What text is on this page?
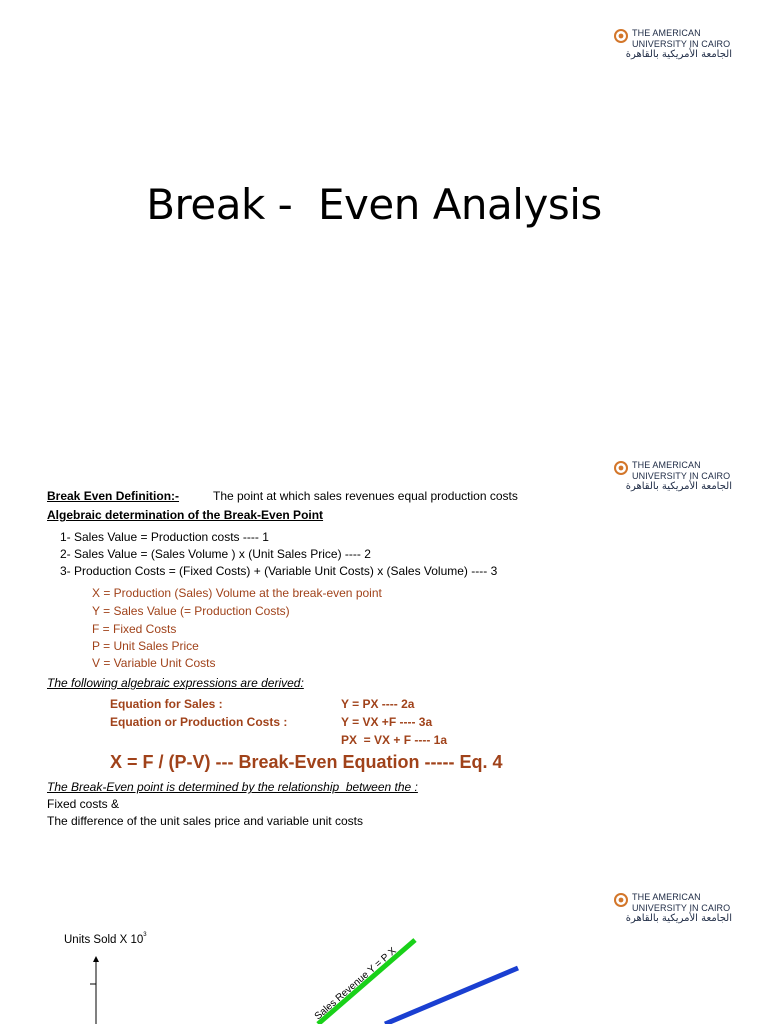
THE AMERICAN
UNIVERSITY IN CAIRO
الجامعة الأمريكية بالقاهرة
Break -  Even Analysis
THE AMERICAN
UNIVERSITY IN CAIRO
الجامعة الأمريكية بالقاهرة
Break Even Definition:-	The point at which sales revenues equal production costs
Algebraic determination of the Break-Even Point
1- Sales Value = Production costs ---- 1
2- Sales Value = (Sales Volume ) x (Unit Sales Price) ---- 2
3- Production Costs = (Fixed Costs) + (Variable Unit Costs) x (Sales Volume) ---- 3
X = Production (Sales) Volume at the break-even point
Y = Sales Value (= Production Costs)
F = Fixed Costs
P = Unit Sales Price
V = Variable Unit Costs
The following algebraic expressions are derived:
Equation for Sales :	Y = PX ---- 2a
Equation or Production Costs :	Y = VX +F ---- 3a
PX  = VX + F ---- 1a
X = F / (P-V) --- Break-Even Equation ----- Eq. 4
The Break-Even point is determined by the relationship  between the :
Fixed costs &
The difference of the unit sales price and variable unit costs
THE AMERICAN
UNIVERSITY IN CAIRO
الجامعة الأمريكية بالقاهرة
Units Sold X $10^3$
Sales Revenue Y = P X
